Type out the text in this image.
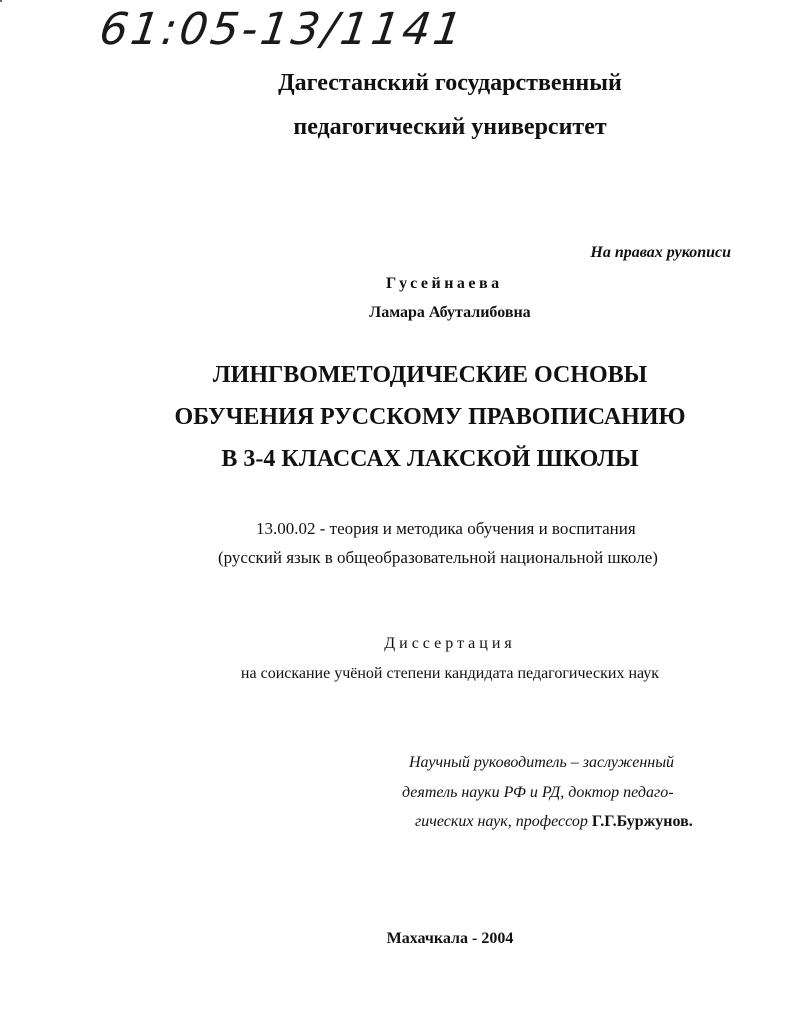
61:05-13/1141
Дагестанский государственный
педагогический университет
На правах рукописи
Гусейнаева
Ламара Абуталибовна
ЛИНГВОМЕТОДИЧЕСКИЕ ОСНОВЫ
ОБУЧЕНИЯ РУССКОМУ ПРАВОПИСАНИЮ
В 3-4 КЛАССАХ ЛАКСКОЙ ШКОЛЫ
13.00.02 - теория и методика обучения и воспитания
(русский язык в общеобразовательной национальной школе)
Диссертация
на соискание учёной степени кандидата педагогических наук
Научный руководитель – заслуженный
деятель науки РФ и РД, доктор педаго-
гических наук, профессор Г.Г.Буржунов.
Махачкала - 2004
